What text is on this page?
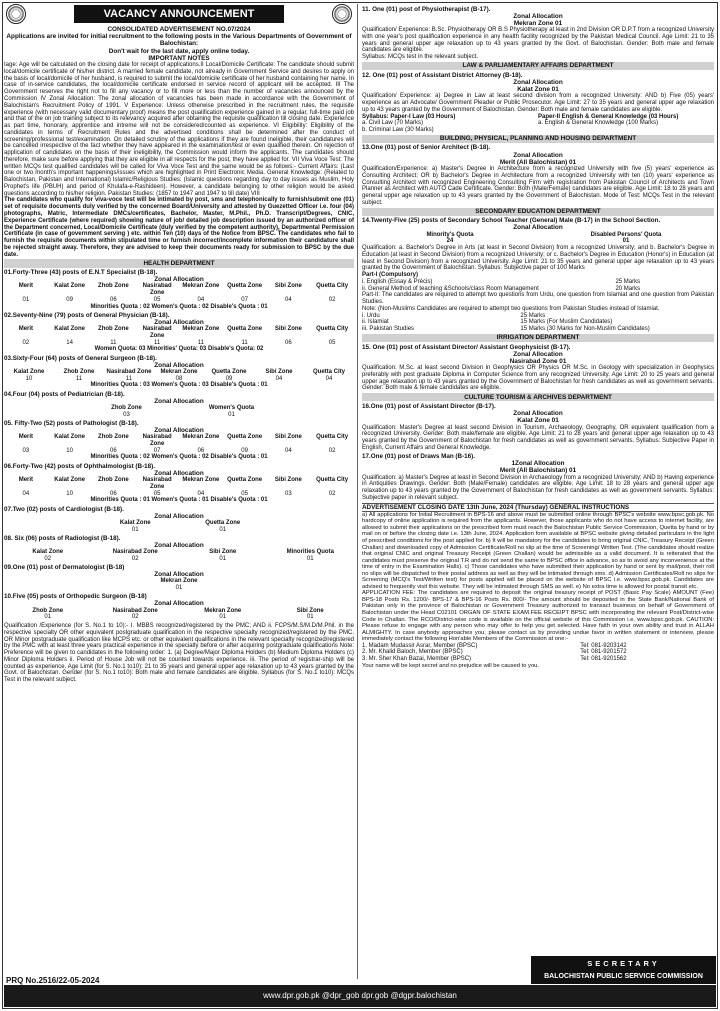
VACANCY ANNOUNCEMENT
CONSOLIDATED ADVERTISEMENT NO.07/2024
Applications are invited for initial recruitment to the following posts in the Various Departments of Government of Balochistan:
Don't wait for the last date, apply online today.
IMPORTANT NOTES
Iage: Age will be calculated on the closing date for receipt of applications.II Local/Domicile Certificate: The candidate should submit local/domicile certificate of his/her district. A married female candidate, not already in Government Service and desires to apply on the basis of local/domicile of her husband, is required to submit the local/domicile certificate of her husband containing her name. In case of in-service candidates, the local/domicile certificate endorsed in service record of applicant will be accepted. III The Government reserves the right not to fill any vacancy or to fill more or less than the number of vacancies announced by the Commission IV Zonal Allocation: The zonal allocation of vacancies has been made in accordance with the Government of Balochistan's Recruitment Policy of 1991. V Experience: Unless otherwise prescribed in the recruitment rules, the requisite experience (with necessary valid documentary proof) means the post qualification experience gained in a regular, full-time paid job and that of the on job training subject to its relevancy acquired after obtaining the requisite qualification till closing date. Experience as part time, honorary, apprentice and intreme will not be considered/counted as experience. VI Eligibility: Eligibility of the candidates in terms of Recruitment Rules and the advertised conditions shall be determined after the conduct of screening/professional test/examination. On detailed scrutiny of the applications if they are found ineligible, their candidatures will be cancelled irrespective of the fact whether they have appeared in the examination/test or even qualified therein. On rejection of application of candidates on the basis of their ineligibility, the Commission would inform the applicants. The candidates should therefore, make sure before applying that they are eligible in all respects for the post, they have applied for. VII Viva Voce Test: The written MCQs test qualified candidates will be called for Viva Voce Test and the same would be as follows:- Current Affairs: (Last one or two month's important happenings/issues which are highlighted in Print Electronic Media. General Knowledge: (Related to Balochistan, Pakistan and International) Islamic/Religious Studies: (Islamic questions regarding day to day issues as Muslim, Holy Prophet's life (PBUH) and period of Khulafa-e-Rashideen). However, a candidate belonging to other religion would be asked questions according to his/her religion. Pakistan Studies: (1857 to 1947 and 1947 to till date) VIII
The candidates who qualify for viva-voce test will be intimated by post, sms and telephonically to furnish/submit one (01) set of requisite documents duly verified by the concerned Board/University and attested by Guezetted Officer i.e. four (04) photographs, Matric, Intermediate DMCs/certificates, Bachelor, Master, M.Phil., Ph.D. Transcript/Degrees, CNIC, Experience Certificate (where required) showing nature of job/ detailed job description issued by an authorized officer of the Department concerned, Local/Domicile Certificate (duly verified by the competent authority), Departmental Permission Certificate (in case of government serving ) etc. within Ten (10) days of the Notice from BPSC. The candidates who fail to furnish the requisite documents within stipulated time or furnish incorrect/incomplete information their candidature shall be rejected straight away. Therefore, they are advised to keep their documents ready for submission to BPSC by the due date.
HEALTH DEPARTMENT
01.Forty-Three (43) posts of E.N.T Specialist (B-18).
Zonal Allocation
Merit	Kalat Zone	Zhob Zone	Nasirabad Zone	Mekran Zone	Quetta Zone	Sibi Zone	Quetta City
01	09	06	05	04	07	04	02
Minorities Quota : 02 Women's Quota : 02 Disable's Quota : 01
02.Seventy-Nine (79) posts of General Physician (B-18).
Zonal Allocation
Merit	Kalat Zone	Zhob Zone	Nasirabad Zone	Mekran Zone	Quetta Zone	Sibi Zone	Quetta City
02	14	11	11	11	11	06	05
Women Quota: 03 Minorities' Quota: 03 Disable's Quota: 02
03.Sixty-Four (64) posts of General Surgeon (B-18).
Zonal Allocation
Kalat Zone	Zhob Zone	Nasirabad Zone	Mekran Zone	Quetta Zone	Sibi Zone	Quetta City
10	11	11	08	09	04	04
Minorities Quota : 03 Women's Quota : 03 Disable's Quota : 01
04.Four (04) posts of Pediatrician (B-18).
Zonal Allocation
Zhob Zone	Women's Quota
03	01
05. Fifty-Two (52) posts of Pathologist (B-18).
Zonal Allocation
Merit	Kalat Zone	Zhob Zone	Nasirabad Zone	Mekran Zone	Quetta Zone	Sibi Zone	Quetta City
03	10	06	07	06	09	04	02
Minorities Quota : 02 Women's Quota : 02 Disable's Quota : 01
06.Forty-Two (42) posts of Ophthalmologist (B-18).
Zonal Allocation
Merit	Kalat Zone	Zhob Zone	Nasirabad Zone	Mekran Zone	Quetta Zone	Sibi Zone	Quetta City
04	10	06	05	04	05	03	02
Minorities Quota : 01 Women's Quota : 01 Disable's Quota : 01
07.Two (02) posts of Cardiologist (B-18).
Zonal Allocation
Kalat Zone	Quetta Zone
01	01
08. Six (06) posts of Radiologist (B-18).
Zonal Allocation
Kalat Zone	Nasirabad Zone	Sibi Zone	Minorities Quota
02	02	01	01
09.One (01) post of Dermatologist (B-18)
Zonal Allocation
Mekran Zone
01
10.Five (05) posts of Orthopedic Surgeon (B-18)
Zonal Allocation
Zhob Zone	Nasirabad Zone	Mekran Zone	Sibi Zone
01	02	01	01
Qualification /Experience (for S. No.1 to 10):- I. MBBS recognized/registered by the PMC; AND ii. FCPS/M.S/M.D/M.Phil. in the respective specialty OR other equivalent postgraduate qualification in the respective specialty recognized/registered by the PMC. OR Minor postgraduate qualification like MCPS etc. or other equivalent qualifications in the relevant specialty recognized/registered by the PMC with at least three years practical experience in the specialty before or after acquiring postgraduate qualifications Note: Preference will be given to candidates in the following order: 1. (a) Degree/Major Diploma Holders (b) Medium Diploma Holders (c) Minor Diploma Holders ii. Period of House Job will not be counted towards experience. iii. The period of registrar-ship will be counted as experience. Age Limit (for S. No.1 to10): 21 to 35 years and general upper age relaxation up to 43 years granted by the Govt. of Balochistan. Gender (for S. No.1 to10): Both male and female candidates are eligible. Syllabus (for S. No.1 to10): MCQs Test in the relevant subject.
11. One (01) post of Physiotherapist (B-17).
Zonal Allocation
Mekran Zone 01
Qualification/ Experience: B.Sc. Physiotherapy OR B.S Physiotherapy at least in 2nd Division OR D.P.T from a recognized University with one year's post qualification experience in any health facility recognized by the Pakistan Medical Council. Age Limit: 21 to 35 years and general upper age relaxation up to 43 years granted by the Govt. of Balochistan. Gender: Both male and female candidates are eligible.
Syllabus: MCQs test in the relevant subject.
LAW & PARLIAMENTARY AFFAIRS DEPARTMENT
12. One (01) post of Assistant District Attorney (B-18).
Zonal Allocation
Kalat Zone 01
Qualification/ Experience: a) Degree in Law at least second division from a recognized University: AND b) Five (05) years' experience as an Advocate/ Government Pleader or Public Prosecutor. Age Limit: 27 to 35 years and general upper age relaxation up to 43 years granted by the Government of Balochistan. Gender: Both male and female candidates are eligible.
Syllabus: Paper-I Law (03 Hours)	Paper-II English & General Knowledge (03 Hours)
a. Civil Law (70 Marks)	a. English & General Knowledge (100 Marks)
b. Criminal Law (30 Marks)	
BUILDING, PHYSICAL, PLANNING AND HOUSING DEPARTMENT
13.One (01) post of Senior Architect (B-18).
Zonal Allocation
Merit (All Balochistan) 01
Qualification/Experience: a) Master's Degree in Architecture from a recognized University with five (5) years' experience as Consulting Architect; OR b) Bachelor's Degree in Architecture from a recognized University with ten (10) years' experience as Consulting Architect with recognized Engineering Consulting Firm with registration from Pakistan Council of Architects and Town Planner as Architect with AUTO Cade Certificate. Gender: Both (Male/Female) candidates are eligible. Age Limit: 18 to 28 years and general upper age relaxation up to 43 years granted by the Government of Balochistan. Mode of Test: MCQs Test in the relevant subject.
SECONDARY EDUCATION DEPARTMENT
14.Twenty-Five (25) posts of Secondary School Teacher (General) Male (B-17) in the School Section.
Zonal Allocation
Minority's Quota	Disabled Persons' Quota
24	01
Qualification: a. Bachelor's Degree in Arts (at least in Second Division) from a recognized University; and b. Bachelor's Degree in Education (at least in Second Division) from a recognized University; or c. Bachelor's Degree in Education (Honor's) in Education (at least in Second Division) from a recognized University. Age Limit: 21 to 35 years and general upper age relaxation up to 43 years granted by the Government of Balochistan. Syllabus: Subjective paper of 100 Marks
Part-I (Compulsory)
i. English (Essay & Précis)	25 Marks
ii. General Method of teaching &Schools/class Room Management	20 Marks
Part-II: The candidates are required to attempt two questions from Urdu, one question from Islamiat and one question from Pakistan Studies.
Note: (Non-Muslims Candidates are required to attempt two questions from Pakistan Studies instead of Islamiat.
i. Urdu	25 Marks
ii. Islamiat	15 Marks (For Muslim Candidates)
iii. Pakistan Studies	15 Marks (30 Marks for Non-Muslim Candidates)
IRRIGATION DEPARTMENT
15. One (01) post of Assistant Director/ Assistant Geophysicist (B-17).
Zonal Allocation
Nasirabad Zone 01
Qualification: M.Sc. at least second Division in Geophysics OR Physics OR M.Sc. in Geology with specialization in Geophysics preferably with post graduate Diploma in Computer Science from any recognized University. Age Limit: 20 to 25 years and general upper age relaxation up to 43 years granted by the Government of Balochistan for fresh candidates as well as government servants. Gender: Both male & female candidates are eligible.
CULTURE TOURISM & ARCHIVES DEPARTMENT
16.One (01) post of Assistant Director (B-17).
Zonal Allocation
Kalat Zone 01
Qualification: Master's Degree at least second Division in Tourism, Archaeology, Geography, OR equivalent qualification from a recognized University. Gender: Both male/female are eligible. Age Limit: 21 to 28 years and general upper age relaxation up to 43 years granted by the Government of Balochistan for fresh candidates as well as government servants. Syllabus: Subjective Paper in English, Current Affairs and General Knowledge.
17.One (01) post of Draws Man (B-16).
1Zonal Allocation
Merit (All Balochistan) 01
Qualification: a) Master's Degree at least in Second Division in Archaeology from a recognized University; AND b) Having experience in Antiquities Drawings. Gender: Both (Male/Female) candidates are eligible. Age Limit: 18 to 28 years and general upper age relaxation up to 43 years granted by the Government of Balochistan for fresh candidates as well as government servants. Syllabus: Subjective paper in relevant subject.
ADVERTISEMENT CLOSING DATE 13th June, 2024 (Thursday) GENERAL INSTRUCTIONS
a) All applications for Initial Recruitment in BPS-16 and above must be submitted online through BPSC's website www.bpsc.gob.pk. No hardcopy of online application is required from the applicants. However, those applicants who do not have access to internet facility, are allowed to submit their applications on the prescribed form must reach the Balochistan Public Service Commission, Quetta by hand or by mail on or before the closing date i.e. 13th June, 2024. Application form available at BPSC website giving detailed particulars in the light of prescribed conditions for the post applied for. b) It will be mandatory for the candidates to bring original CNIC, Treasury Receipt (Green Challan) and downloaded copy of Admission Certificate/Roll no slip at the time of Screening/ Written Test. (The candidates should realize that original CNIC and original Treasury Receipt (Green Challan) would be admissible as a valid document. It is reiterated that the candidates must preserve the original T.R and do not send the same to BPSC office in advance, so as to avoid any inconvenience at the time of entry in the Examination Halls). c) Those candidates who have submitted their application by hand or sent by mail/post, their roll no slips will be dispatched to their postal address as well as they will be intimated through sms. d) Admission Certificates/Roll no slips for Screening (MCQ's Test/Written test) for posts applied will be placed on the website of BPSC i.e. www.bpsc.gob.pk. Candidates are advised to frequently visit this website. They will be intimated through SMS as well. e) No extra time is allowed for postal transit etc.
APPLICATION FEE: The candidates are required to deposit the original treasury receipt of POST (Basic Pay Scale) AMOUNT (Fee) BPS-18 Posts Rs. 1200/- BPS-17 & BPS-16 Posts Rs. 800/- The amount should be deposited in the State Bank/National Bank of Pakistan only in the province of Balochistan or Government Treasury authorized to transact business on behalf of Government of Balochistan under the Head C02101 ORGAN OF STATE EXAM.FEE RECEIPT BPSC with incorporating the relevant Post/District-wise Code in Challan. The RCO/District-wise code is available on the official website of this Commission i.e. www.bpsc.gob.pk. CAUTION: Please refuse to engage with any person who may offer to help you get selected. Have faith in your own ability and trust in ALLAH ALMIGHTY. In case anybody approaches you, please contact us by providing undue favor in written statement or interview, please immediately contact the following Hon'able Members of the Commission at one:-
1. Madam Mudassir Asrar, Member (BPSC)	Tel: 081-9203142
2. Mr. Khalid Baloch, Member (BPSC)	Tel: 081-9201572
3. Mr. Sher Khan Bazai, Member (BPSC)	Tel: 081-9201562
Your name will be kept secret and no prejudice will be caused to you.
PRQ No.2516/22-05-2024
SECRETARY
BALOCHISTAN PUBLIC SERVICE COMMISSION
www.dpr.gob.pk @dpr_gob dpr.gob @dgpr.balochistan
